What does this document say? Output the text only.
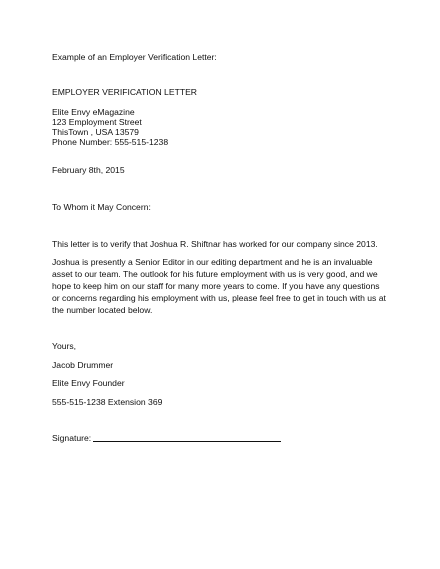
Example of an Employer Verification Letter:
EMPLOYER VERIFICATION LETTER
Elite Envy eMagazine
123 Employment Street
ThisTown , USA 13579
Phone Number: 555-515-1238
February 8th, 2015
To Whom it May Concern:
This letter is to verify that Joshua R. Shiftnar has worked for our company since 2013.
Joshua is presently a Senior Editor in our editing department and he is an invaluable
asset to our team. The outlook for his future employment with us is very good, and we
hope to keep him on our staff for many more years to come. If you have any questions
or concerns regarding his employment with us, please feel free to get in touch with us at
the number located below.
Yours,
Jacob Drummer
Elite Envy Founder
555-515-1238 Extension 369
Signature:
